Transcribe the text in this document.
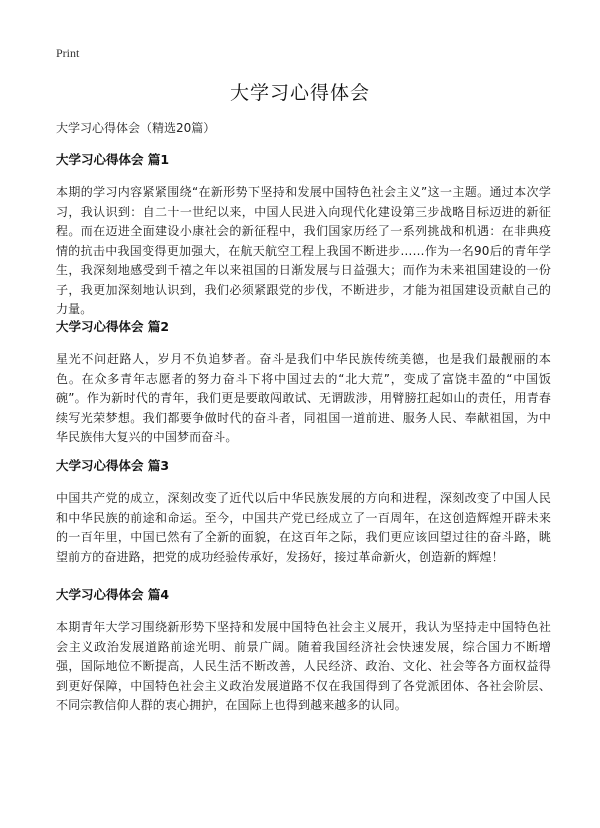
Print
大学习心得体会
大学习心得体会（精选20篇）
大学习心得体会 篇1

本期的学习内容紧紧围绕“在新形势下坚持和发展中国特色社会主义”这一主题。通过本次学习，我认识到：自二十一世纪以来，中国人民进入向现代化建设第三步战略目标迈进的新征程。而在迈进全面建设小康社会的新征程中，我们国家历经了一系列挑战和机遇：在非典疫情的抗击中我国变得更加强大，在航天航空工程上我国不断进步……作为一名90后的青年学生，我深刻地感受到千禧之年以来祖国的日渐发展与日益强大；而作为未来祖国建设的一份子，我更加深刻地认识到，我们必须紧跟党的步伐，不断进步，才能为祖国建设贡献自己的力量。

大学习心得体会 篇2

星光不问赶路人，岁月不负追梦者。奋斗是我们中华民族传统美德，也是我们最靓丽的本色。在众多青年志愿者的努力奋斗下将中国过去的“北大荒”，变成了富饶丰盈的“中国饭碗”。作为新时代的青年，我们更是要敢闯敢试、无谓跋涉，用臂膀扛起如山的责任，用青春续写光荣梦想。我们都要争做时代的奋斗者，同祖国一道前进、服务人民、奉献祖国，为中华民族伟大复兴的中国梦而奋斗。

大学习心得体会 篇3

中国共产党的成立，深刻改变了近代以后中华民族发展的方向和进程，深刻改变了中国人民和中华民族的前途和命运。至今，中国共产党已经成立了一百周年，在这创造辉煌开辟未来的一百年里，中国已然有了全新的面貌，在这百年之际，我们更应该回望过往的奋斗路，眺望前方的奋进路，把党的成功经验传承好，发扬好，接过革命新火，创造新的辉煌！

大学习心得体会 篇4

本期青年大学习围绕新形势下坚持和发展中国特色社会主义展开，我认为坚持走中国特色社会主义政治发展道路前途光明、前景广阔。随着我国经济社会快速发展，综合国力不断增强，国际地位不断提高，人民生活不断改善，人民经济、政治、文化、社会等各方面权益得到更好保障，中国特色社会主义政治发展道路不仅在我国得到了各党派团体、各社会阶层、不同宗教信仰人群的衷心拥护，在国际上也得到越来越多的认同。
